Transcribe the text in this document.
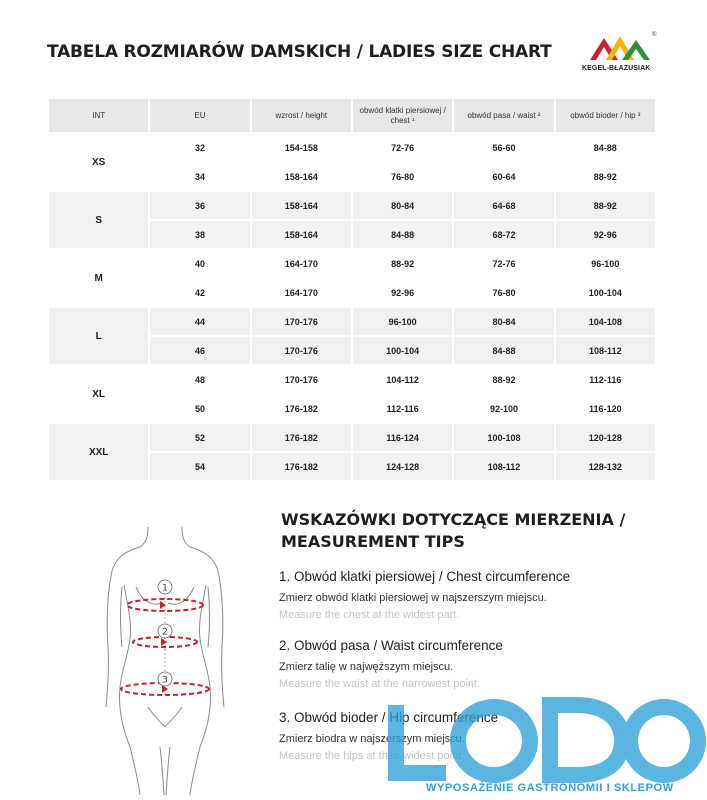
TABELA ROZMIARÓW DAMSKICH / LADIES SIZE CHART
®
KEGEL-BŁAZUSIAK
INT	EU	wzrost / height	obwód klatki piersiowej / chest ¹	obwód pasa / waist ²	obwód bioder / hip ³
XS	32	154-158	72-76	56-60	84-88
	34	158-164	76-80	60-64	88-92
S	36	158-164	80-84	64-68	88-92
	38	158-164	84-88	68-72	92-96
M	40	164-170	88-92	72-76	96-100
	42	164-170	92-96	76-80	100-104
L	44	170-176	96-100	80-84	104-108
	46	170-176	100-104	84-88	108-112
XL	48	170-176	104-112	88-92	112-116
	50	176-182	112-116	92-100	116-120
XXL	52	176-182	116-124	100-108	120-128
	54	176-182	124-128	108-112	128-132
WSKAZÓWKI DOTYCZĄCE MIERZENIA /
MEASUREMENT TIPS
1. Obwód klatki piersiowej / Chest circumference
Zmierz obwód klatki piersiowej w najszerszym miejscu.
Measure the chest at the widest part.
2. Obwód pasa / Waist circumference
Zmierz talię w najwęższym miejscu.
Measure the waist at the narrowest point.
3. Obwód bioder / Hip circumference
Zmierz biodra w najszerszym miejscu.
Measure the hips at their widest point.
1
2
3
WYPOSAŻENIE GASTRONOMII I SKLEPÓW
